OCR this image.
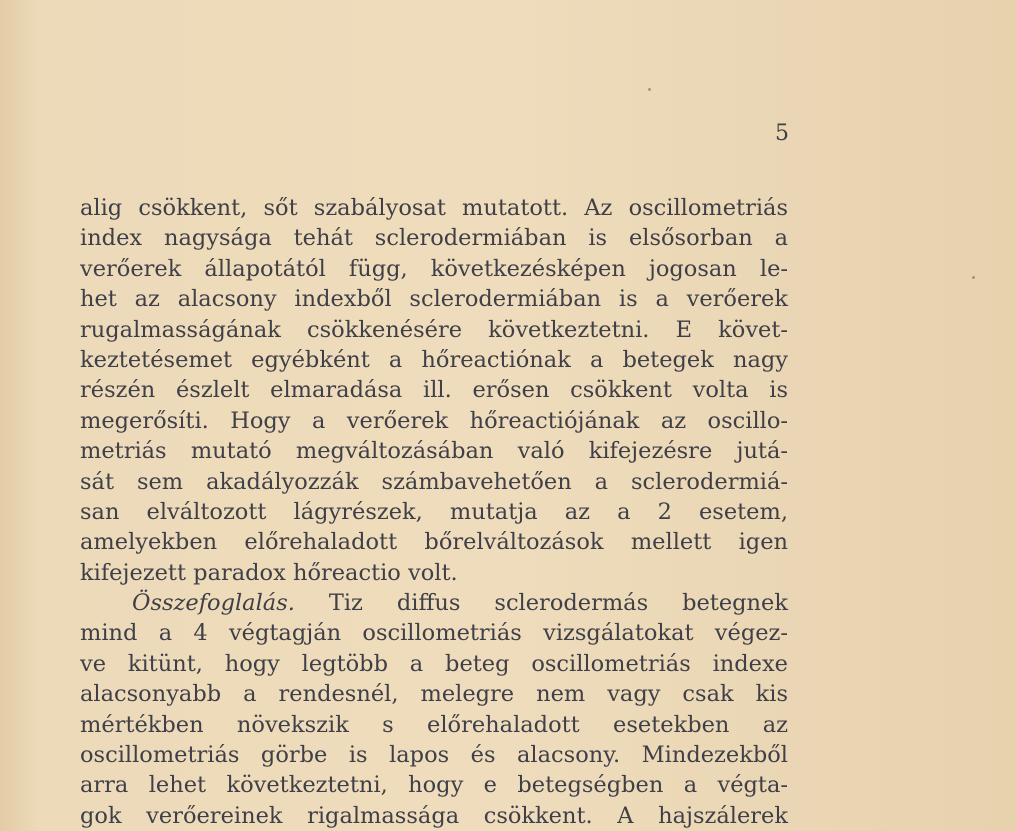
5
alig csökkent, sőt szabályosat mutatott. Az oscillometriás
index nagysága tehát sclerodermiában is elsősorban a
verőerek állapotától függ, következésképen jogosan le-
het az alacsony indexből sclerodermiában is a verőerek
rugalmasságának csökkenésére következtetni. E követ-
keztetésemet egyébként a hőreactiónak a betegek nagy
részén észlelt elmaradása ill. erősen csökkent volta is
megerősíti. Hogy a verőerek hőreactiójának az oscillo-
metriás mutató megváltozásában való kifejezésre jutá-
sát sem akadályozzák számbavehetően a sclerodermiá-
san elváltozott lágyrészek, mutatja az a 2 esetem,
amelyekben előrehaladott bőrelváltozások mellett igen
kifejezett paradox hőreactio volt.
Összefoglalás. Tiz diffus sclerodermás betegnek
mind a 4 végtagján oscillometriás vizsgálatokat végez-
ve kitünt, hogy legtöbb a beteg oscillometriás indexe
alacsonyabb a rendesnél, melegre nem vagy csak kis
mértékben növekszik s előrehaladott esetekben az
oscillometriás görbe is lapos és alacsony. Mindezekből
arra lehet következtetni, hogy e betegségben a végta-
gok verőereinek rigalmassága csökkent. A hajszálerek
